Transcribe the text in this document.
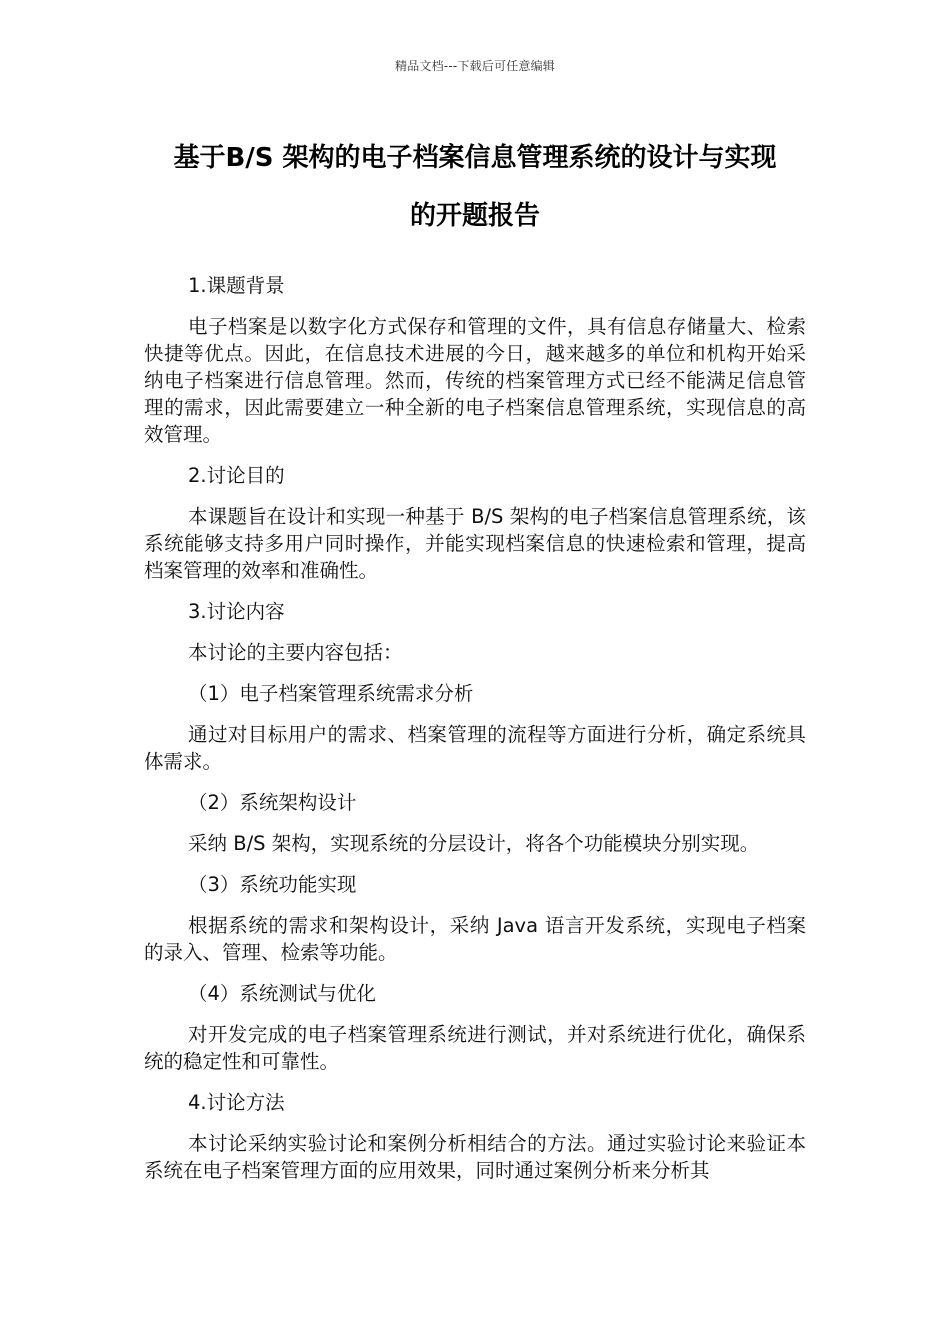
精品文档---下载后可任意编辑
基于B/S 架构的电子档案信息管理系统的设计与实现
的开题报告

1.课题背景

电子档案是以数字化方式保存和管理的文件，具有信息存储量大、检索快捷等优点。因此，在信息技术进展的今日，越来越多的单位和机构开始采纳电子档案进行信息管理。然而，传统的档案管理方式已经不能满足信息管理的需求，因此需要建立一种全新的电子档案信息管理系统，实现信息的高效管理。

2.讨论目的

本课题旨在设计和实现一种基于 B/S 架构的电子档案信息管理系统，该系统能够支持多用户同时操作，并能实现档案信息的快速检索和管理，提高档案管理的效率和准确性。

3.讨论内容

本讨论的主要内容包括：

（1）电子档案管理系统需求分析

通过对目标用户的需求、档案管理的流程等方面进行分析，确定系统具体需求。

（2）系统架构设计

采纳 B/S 架构，实现系统的分层设计，将各个功能模块分别实现。

（3）系统功能实现

根据系统的需求和架构设计，采纳 Java 语言开发系统，实现电子档案的录入、管理、检索等功能。

（4）系统测试与优化

对开发完成的电子档案管理系统进行测试，并对系统进行优化，确保系统的稳定性和可靠性。

4.讨论方法

本讨论采纳实验讨论和案例分析相结合的方法。通过实验讨论来验证本系统在电子档案管理方面的应用效果，同时通过案例分析来分析其
